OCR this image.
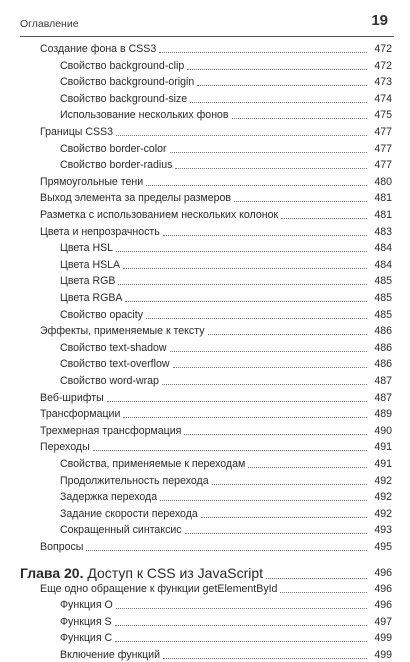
Оглавление	19
Создание фона в CSS3	472
Свойство background-clip	472
Свойство background-origin	473
Свойство background-size	474
Использование нескольких фонов	475
Границы CSS3	477
Свойство border-color	477
Свойство border-radius	477
Прямоугольные тени	480
Выход элемента за пределы размеров	481
Разметка с использованием нескольких колонок	481
Цвета и непрозрачность	483
Цвета HSL	484
Цвета HSLA	484
Цвета RGB	485
Цвета RGBA	485
Свойство opacity	485
Эффекты, применяемые к тексту	486
Свойство text-shadow	486
Свойство text-overflow	486
Свойство word-wrap	487
Веб-шрифты	487
Трансформации	489
Трехмерная трансформация	490
Переходы	491
Свойства, применяемые к переходам	491
Продолжительность перехода	492
Задержка перехода	492
Задание скорости перехода	492
Сокращенный синтаксис	493
Вопросы	495
Глава 20. Доступ к CSS из JavaScript	496
Еще одно обращение к функции getElementById	496
Функция O	496
Функция S	497
Функция C	499
Включение функций	499
